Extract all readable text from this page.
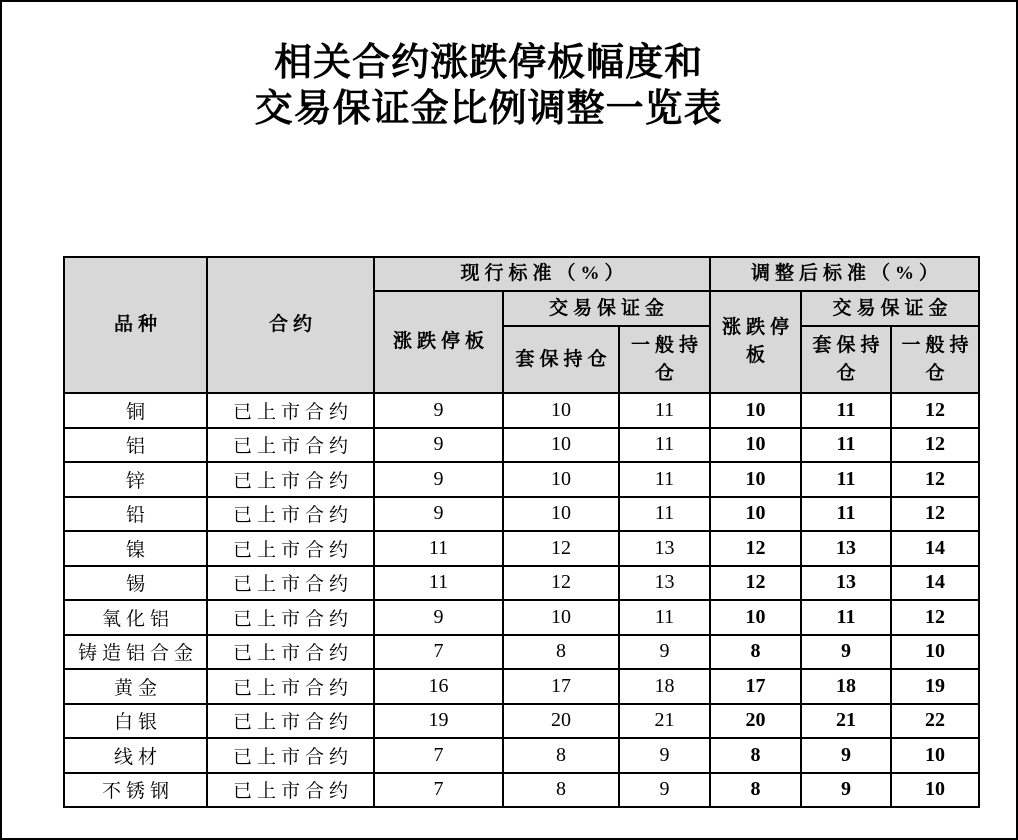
相关合约涨跌停板幅度和
交易保证金比例调整一览表
品种	合约	现行标准（%）			调整后标准（%）		
		涨跌停板	交易保证金		涨跌停板	交易保证金	
			套保持仓	一般持仓		套保持仓	一般持仓
铜	已上市合约	9	10	11	10	11	12
铝	已上市合约	9	10	11	10	11	12
锌	已上市合约	9	10	11	10	11	12
铅	已上市合约	9	10	11	10	11	12
镍	已上市合约	11	12	13	12	13	14
锡	已上市合约	11	12	13	12	13	14
氧化铝	已上市合约	9	10	11	10	11	12
铸造铝合金	已上市合约	7	8	9	8	9	10
黄金	已上市合约	16	17	18	17	18	19
白银	已上市合约	19	20	21	20	21	22
线材	已上市合约	7	8	9	8	9	10
不锈钢	已上市合约	7	8	9	8	9	10
